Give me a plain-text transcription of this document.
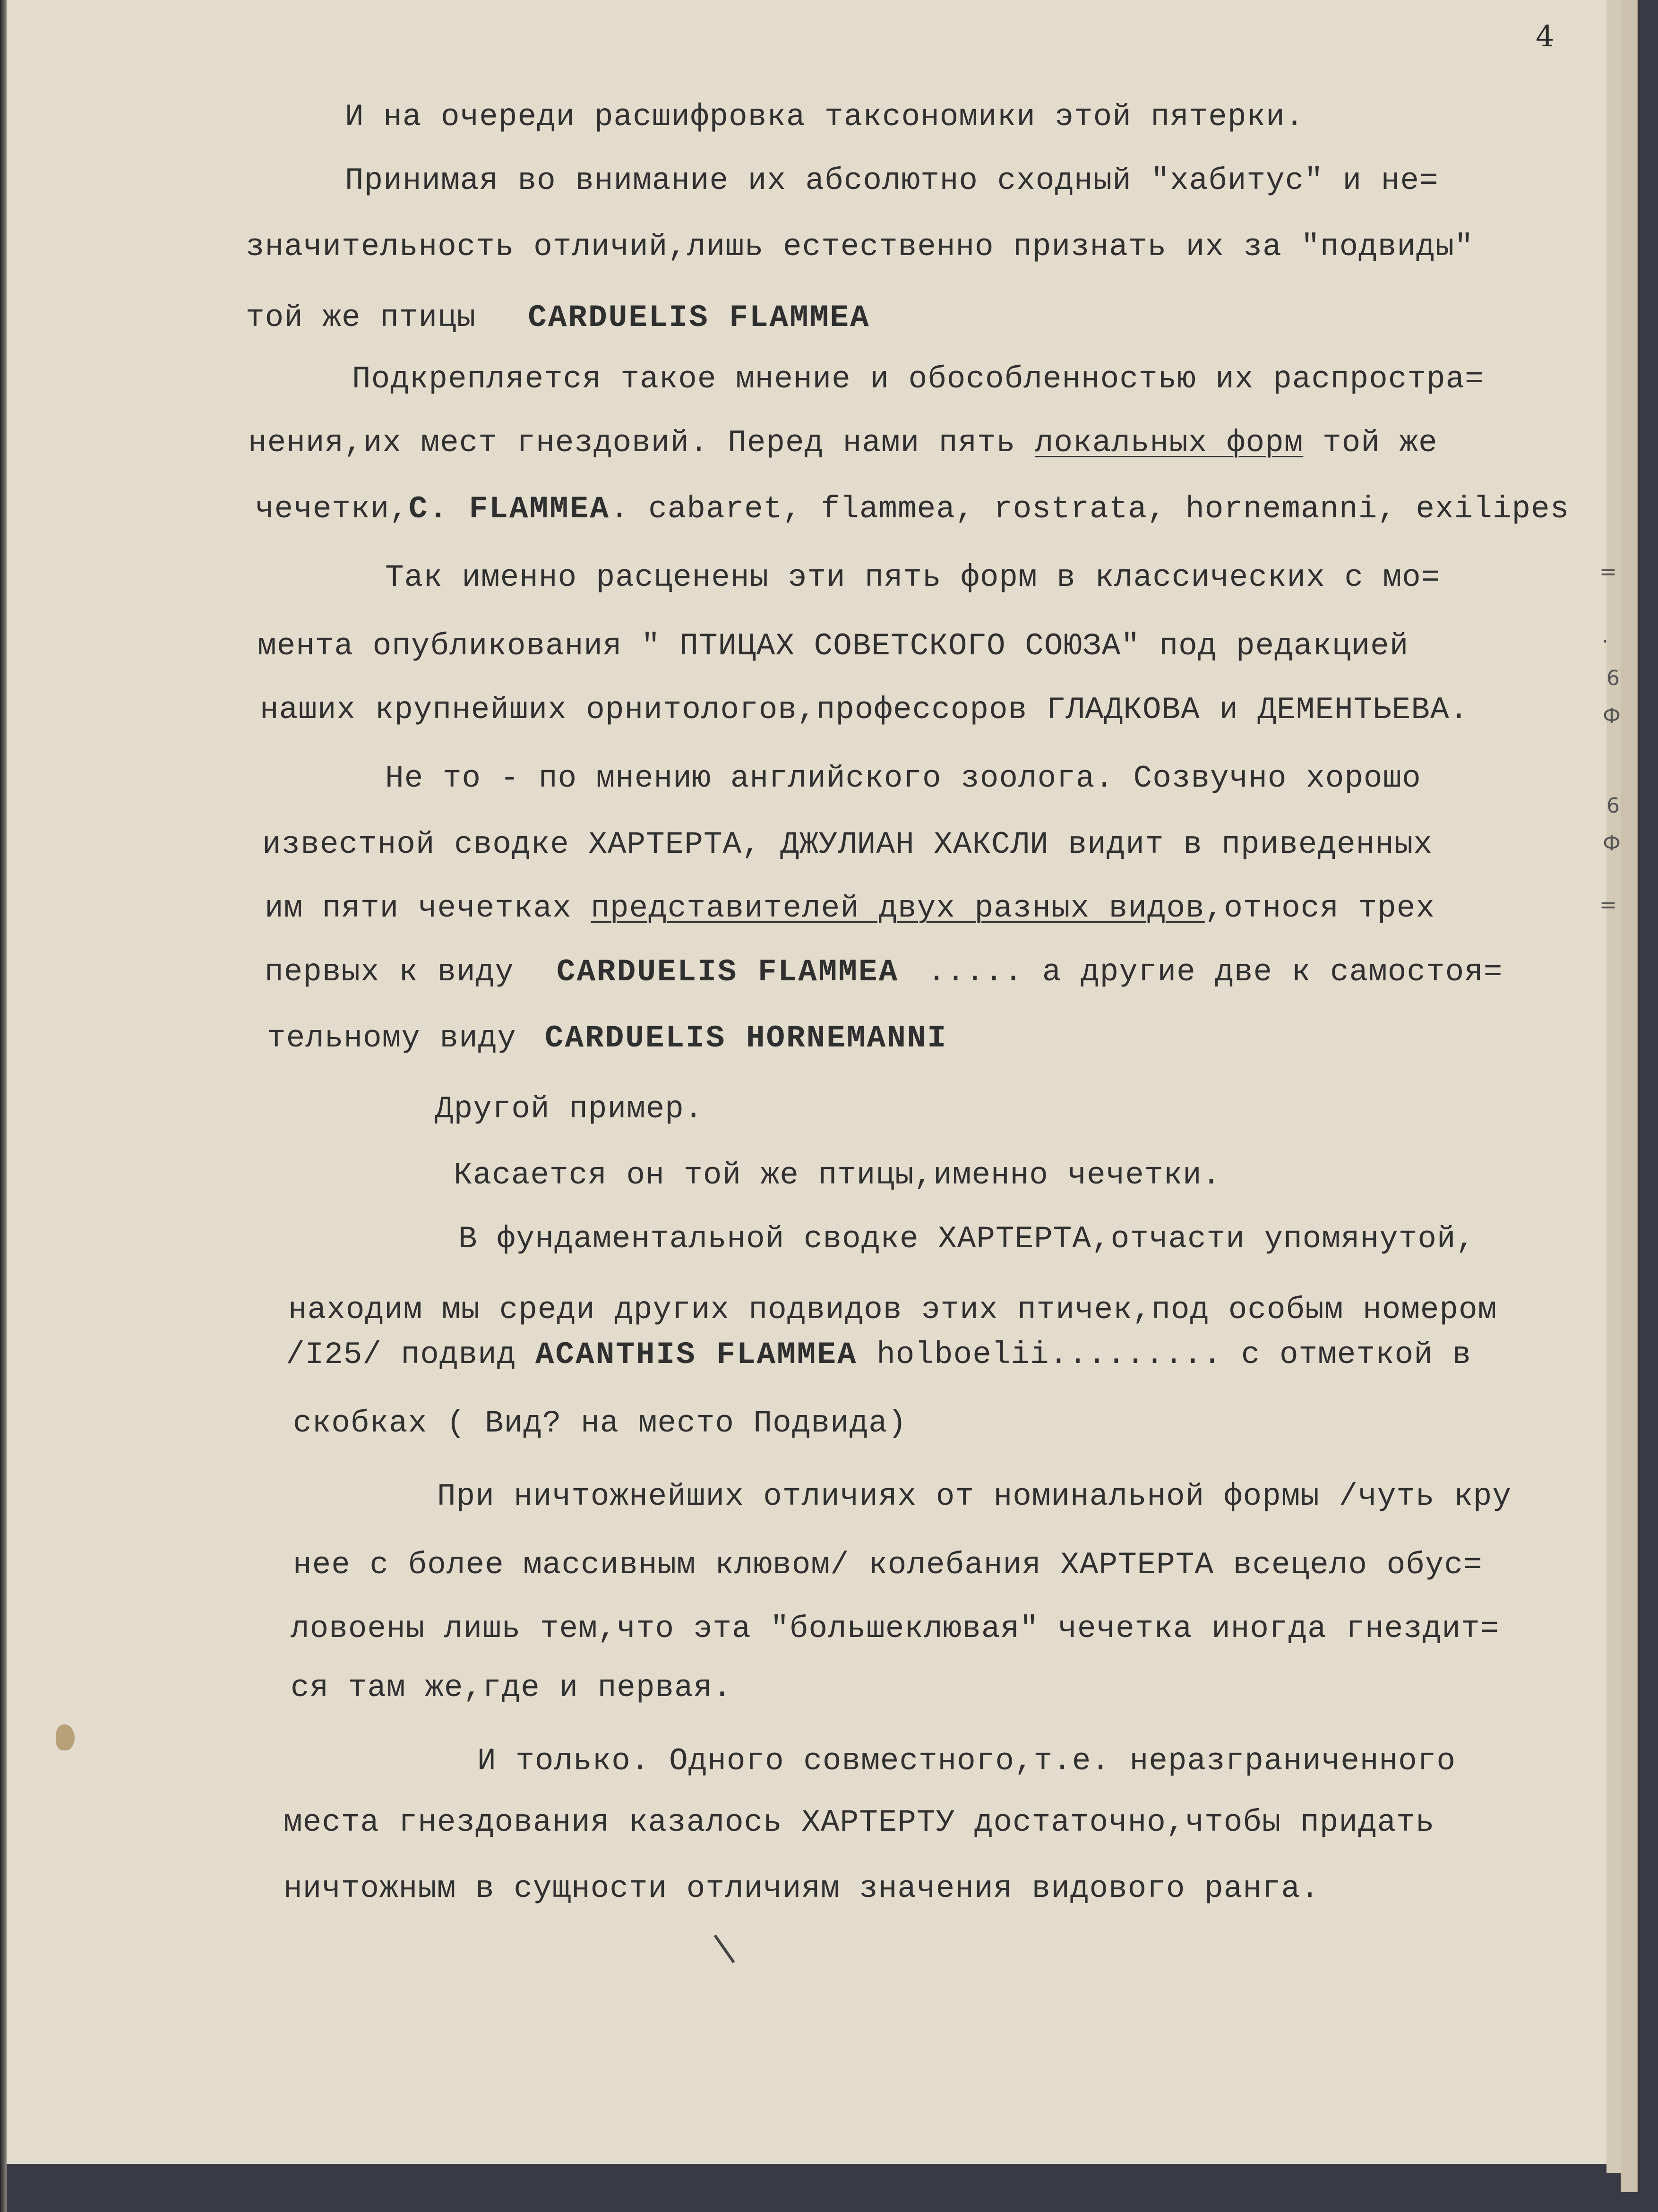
=
.
6
Ф
6
Ф
=
4
И на очереди расшифровка таксономики этой пятерки.
Принимая во внимание их абсолютно сходный "хабитус" и не=
значительность отличий,лишь естественно признать их за "подвиды"
той же птицы CARDUELIS FLAMMEA
Подкрепляется такое мнение и обособленностью их распростра=
нения,их мест гнездовий. Перед нами пять локальных форм той же
чечетки,C. FLAMMEA. cabaret, flammea, rostrata, hornemanni, exilipes
Так именно расценены эти пять форм в классических с мо=
мента опубликования " ПТИЦАХ СОВЕТСКОГО СОЮЗА" под редакцией
наших крупнейших орнитологов,профессоров ГЛАДКОВА и ДЕМЕНТЬЕВА.
Не то - по мнению английского зоолога. Созвучно хорошо
известной сводке ХАРТЕРТА, ДЖУЛИАН ХАКСЛИ видит в приведенных
им пяти чечетках представителей двух разных видов,относя трех
первых к виду CARDUELIS FLAMMEA ..... а другие две к самостоя=
тельному виду CARDUELIS HORNEMANNI
Другой пример.
Касается он той же птицы,именно чечетки.
В фундаментальной сводке ХАРТЕРТА,отчасти упомянутой,
находим мы среди других подвидов этих птичек,под особым номером
/I25/ подвид ACANTHIS FLAMMEA holboelii......... с отметкой в
скобках ( Вид? на место Подвида)
При ничтожнейших отличиях от номинальной формы /чуть кру
нее с более массивным клювом/ колебания ХАРТЕРТА всецело обус=
ловоены лишь тем,что эта "большеклювая" чечетка иногда гнездит=
ся там же,где и первая.
И только. Одного совместного,т.е. неразграниченного
места гнездования казалось ХАРТЕРТУ достаточно,чтобы придать
ничтожным в сущности отличиям значения видового ранга.
